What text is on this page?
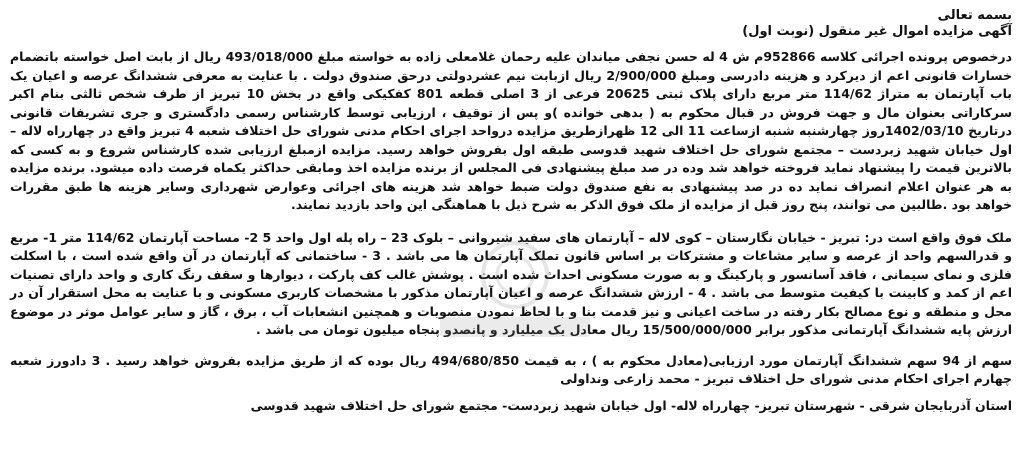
بسمه تعالی
آگهی مزایده اموال غیر منقول (نوبت اول)

درخصوص پرونده اجرائی کلاسه 952866م ش 4 له حسن نجفی میاندان علیه رحمان غلامعلی زاده به خواسته مبلغ 493/018/000 ریال از بابت اصل خواسته باتضمام خسارات قانونی اعم از دیرکرد و هزینه دادرسی ومبلغ 2/900/000 ریال ازبابت نیم عشردولتی درحق صندوق دولت . با عنایت به معرفی ششدانگ عرصه و اعیان یک باب آپارتمان به متراژ 114/62 متر مربع دارای پلاک ثبتی 20625 فرعی از 3 اصلی قطعه 801 کفکیکی واقع در بخش 10 تبریز از طرف شخص ثالثی بنام اکبر سرکاراتی بعنوان مال و جهت فروش در قبال محکوم به ( بدهی خوانده )و پس از توقیف ، ارزیابی توسط کارشناس رسمی دادگستری و جری تشریفات قانونی درتاریخ 1402/03/10روز چهارشنبه شنبه ازساعت 11 الی 12 ظهرازطریق مزایده درواحد اجرای احکام مدنی شورای حل اختلاف شعبه 4 تبریز واقع در چهارراه لاله – اول خیابان شهید زبردست – مجتمع شورای حل اختلاف شهید قدوسی طبقه اول بفروش خواهد رسید. مزایده ازمبلغ ارزیابی شده کارشناس شروع و به کسی که بالاترین قیمت را پیشنهاد نماید فروخته خواهد شد وده در صد مبلغ پیشنهادی فی المجلس از برنده مزایده اخذ ومابقی حداکثر یکماه فرصت داده میشود. برنده مزایده به هر عنوان اعلام انصراف نماید ده در صد پیشنهادی به نفع صندوق دولت ضبط خواهد شد هزینه های اجرائی وعوارض شهرداری وسایر هزینه ها طبق مقررات خواهد بود .طالبین می توانند، پنج روز قبل از مزایده از ملک فوق الذکر به شرح ذیل با هماهنگی این واحد بازدید نمایند.

ملک فوق واقع است در: تبریز - خیابان نگارستان – کوی لاله – آپارتمان های سفید شیروانی – بلوک 23 – راه پله اول واحد 5 2- مساحت آپارتمان 114/62 متر 1- مربع و قدرالسهم واحد از عرصه و سایر مشاعات و مشترکات بر اساس قانون تملک آپارتمان ها می باشد . 3 - ساختمانی که آپارتمان در آن واقع شده است ، با اسکلت فلزی و نمای سیمانی ، فاقد آسانسور و پارکینگ و به صورت مسکونی احداث شده است . پوشش غالب کف پارکت ، دیوارها و سقف رنگ کاری و واحد دارای تصنیات اعم از کمد و کابینت با کیفیت متوسط می باشد . 4 - ارزش ششدانگ عرصه و اعیان آپارتمان مذکور با مشخصات کاربری مسکونی و با عنایت به محل استقرار آن در محل و منطقه و نوع مصالح بکار رفته در ساخت اعیانی و نیز قدمت بنا و با لحاظ نمودن منصوبات و همچنین انشعابات آب ، برق ، گاز و سایر عوامل موثر در موضوع ارزش پایه ششدانگ آپارتمانی مذکور برابر 15/500/000/000 ریال معادل یک میلیارد و پانصدو پنجاه میلیون تومان می باشد .

سهم از 94 سهم ششدانگ آپارتمان مورد ارزیابی(معادل محکوم به ) ، به قیمت 494/680/850 ریال بوده که از طریق مزایده بفروش خواهد رسید . 3 دادورز شعبه چهارم اجرای احکام مدنی شورای حل اختلاف تبریز - محمد زارعی ونداولی

استان آذربایجان شرقی - شهرستان تبریز- چهارراه لاله- اول خیابان شهید زبردست- مجتمع شورای حل اختلاف شهید قدوسی
